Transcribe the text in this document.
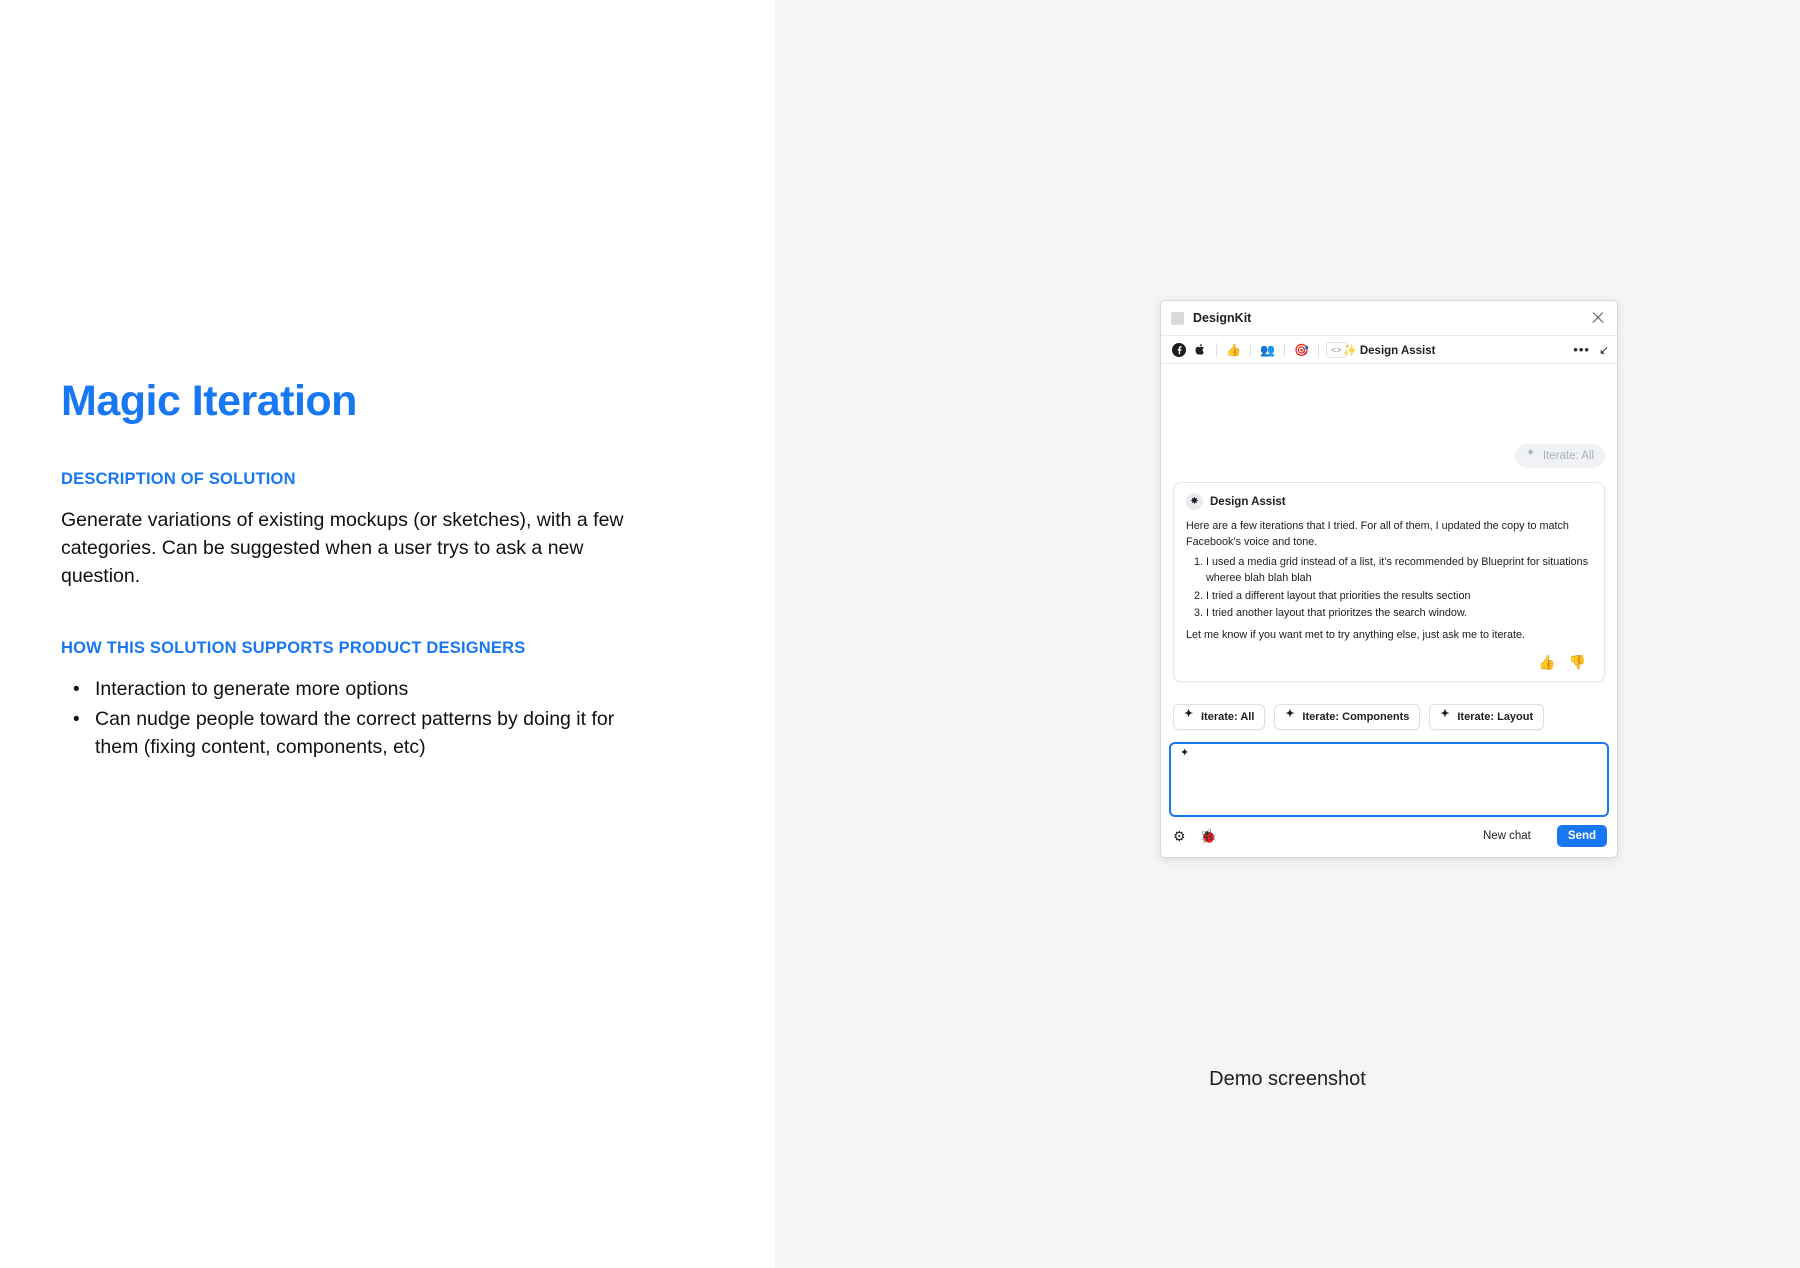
Magic Iteration
DESCRIPTION OF SOLUTION

Generate variations of existing mockups (or sketches), with a few categories. Can be suggested when a user trys to ask a new question.

HOW THIS SOLUTION SUPPORTS PRODUCT DESIGNERS
• Interaction to generate more options
• Can nudge people toward the correct patterns by doing it for them (fixing content, components, etc)
DesignKit
👍 👥 🎯	<> ✨ Design Assist	••• ↙
✦
Iterate: All
✸ Design Assist

Here are a few iterations that I tried. For all of them, I updated the copy to match Facebook’s voice and tone.

1. I used a media grid instead of a list, it’s recommended by Blueprint for situations wheree blah blah blah
2. I tried a different layout that priorities the results section
3. I tried another layout that prioritzes the search window.

Let me know if you want met to try anything else, just ask me to iterate.

👍 👎
✦
Iterate: All ✦	Iterate: Components ✦	Iterate: Layout
✦
⚙ 🐞	New chat	Send
Demo screenshot
